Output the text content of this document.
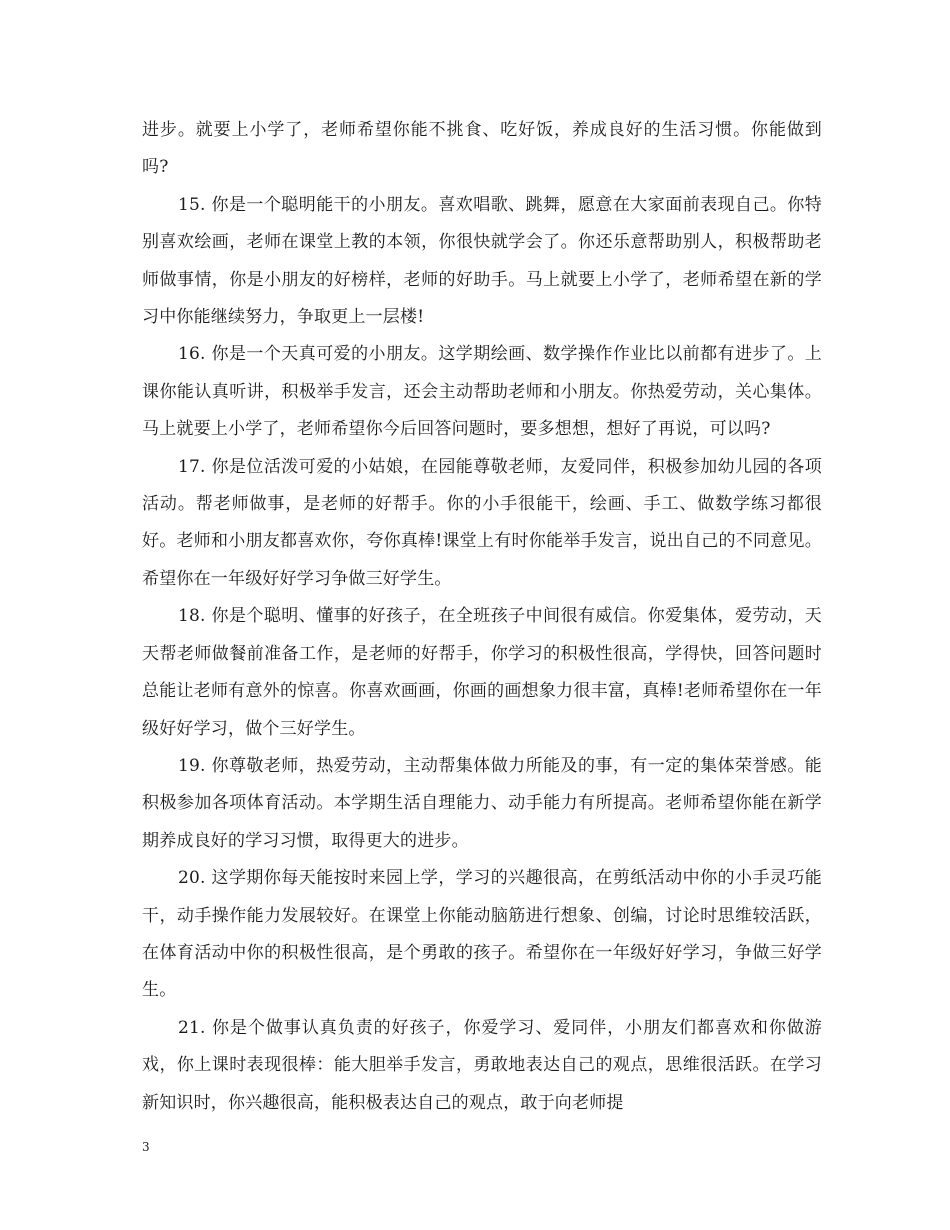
进步。就要上小学了，老师希望你能不挑食、吃好饭，养成良好的生活习惯。你能做到吗?

15. 你是一个聪明能干的小朋友。喜欢唱歌、跳舞，愿意在大家面前表现自己。你特别喜欢绘画，老师在课堂上教的本领，你很快就学会了。你还乐意帮助别人，积极帮助老师做事情，你是小朋友的好榜样，老师的好助手。马上就要上小学了，老师希望在新的学习中你能继续努力，争取更上一层楼!

16. 你是一个天真可爱的小朋友。这学期绘画、数学操作作业比以前都有进步了。上课你能认真听讲，积极举手发言，还会主动帮助老师和小朋友。你热爱劳动，关心集体。马上就要上小学了，老师希望你今后回答问题时，要多想想，想好了再说，可以吗?

17. 你是位活泼可爱的小姑娘，在园能尊敬老师，友爱同伴，积极参加幼儿园的各项活动。帮老师做事，是老师的好帮手。你的小手很能干，绘画、手工、做数学练习都很好。老师和小朋友都喜欢你，夸你真棒!课堂上有时你能举手发言，说出自己的不同意见。希望你在一年级好好学习争做三好学生。

18. 你是个聪明、懂事的好孩子，在全班孩子中间很有威信。你爱集体，爱劳动，天天帮老师做餐前准备工作，是老师的好帮手，你学习的积极性很高，学得快，回答问题时总能让老师有意外的惊喜。你喜欢画画，你画的画想象力很丰富，真棒!老师希望你在一年级好好学习，做个三好学生。

19. 你尊敬老师，热爱劳动，主动帮集体做力所能及的事，有一定的集体荣誉感。能积极参加各项体育活动。本学期生活自理能力、动手能力有所提高。老师希望你能在新学期养成良好的学习习惯，取得更大的进步。

20. 这学期你每天能按时来园上学，学习的兴趣很高，在剪纸活动中你的小手灵巧能干，动手操作能力发展较好。在课堂上你能动脑筋进行想象、创编，讨论时思维较活跃，在体育活动中你的积极性很高，是个勇敢的孩子。希望你在一年级好好学习，争做三好学生。

21. 你是个做事认真负责的好孩子，你爱学习、爱同伴，小朋友们都喜欢和你做游戏，你上课时表现很棒：能大胆举手发言，勇敢地表达自己的观点，思维很活跃。在学习新知识时，你兴趣很高，能积极表达自己的观点，敢于向老师提

3
